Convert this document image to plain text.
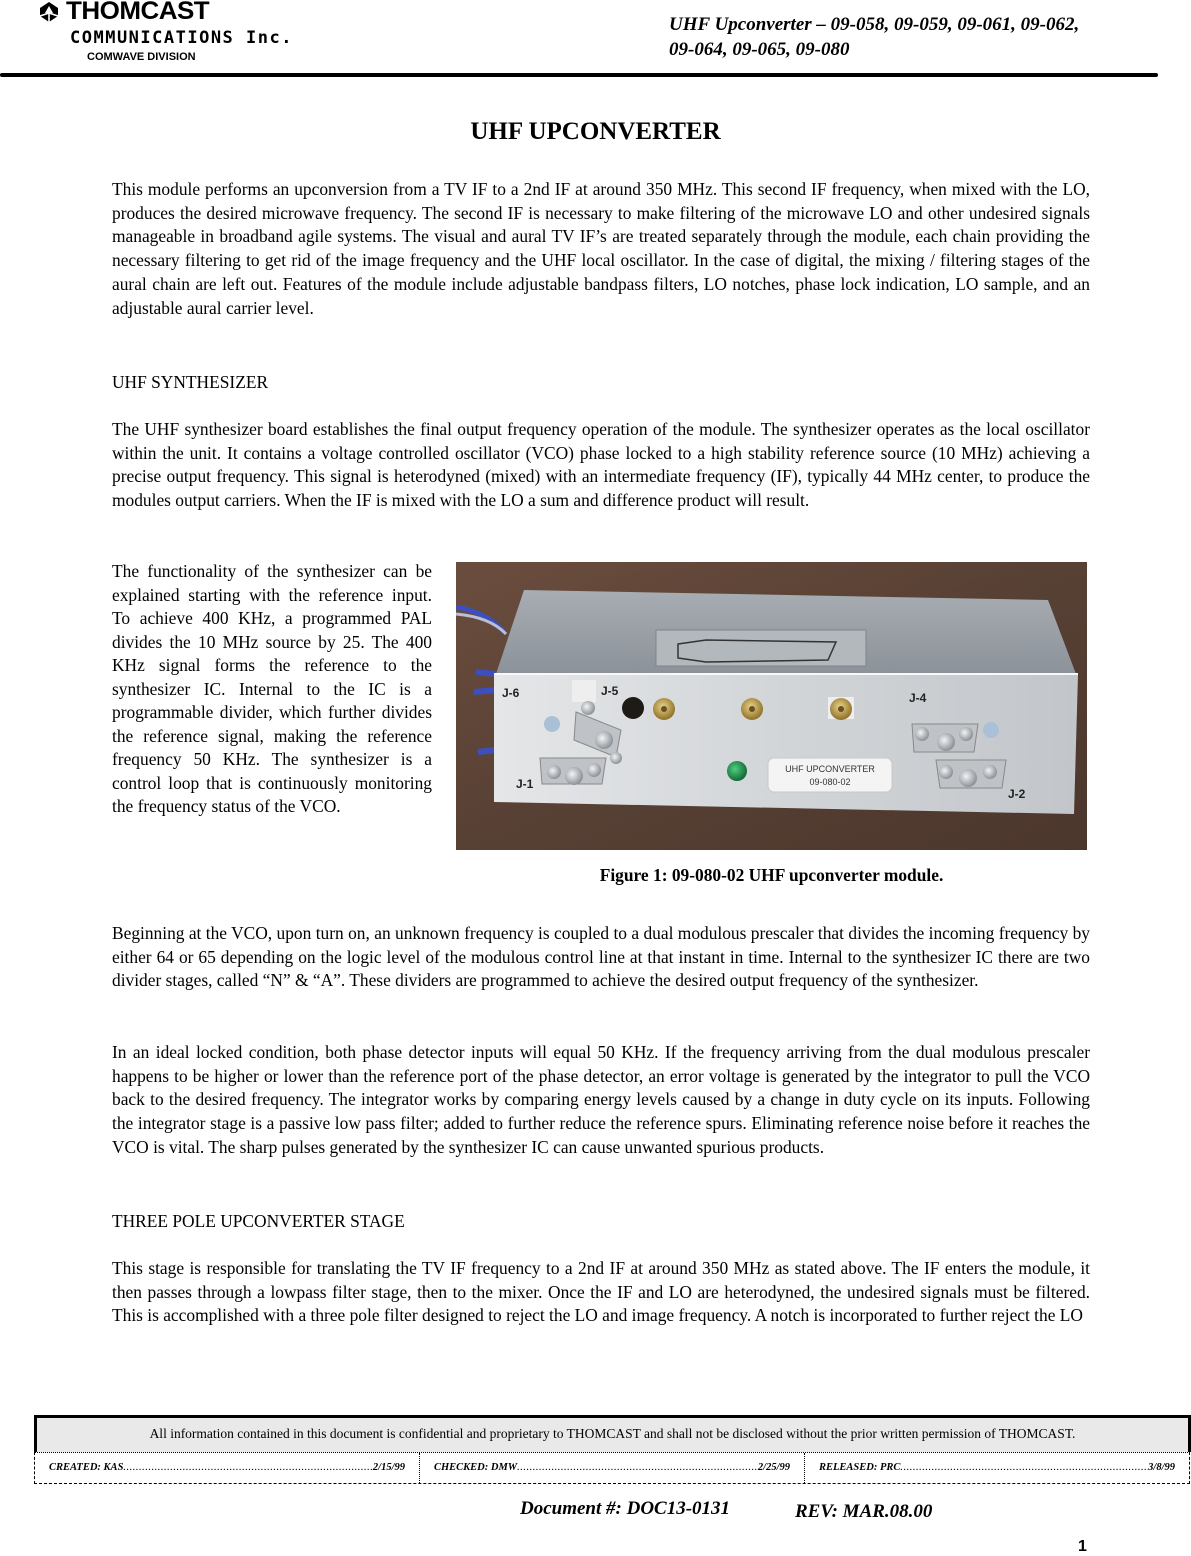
THOMCAST
COMMUNICATIONS Inc.
COMWAVE DIVISION
UHF Upconverter – 09-058, 09-059, 09-061, 09-062,
09-064, 09-065, 09-080
UHF UPCONVERTER
This module performs an upconversion from a TV IF to a 2nd IF at around 350 MHz. This second IF frequency, when mixed with the LO, produces the desired microwave frequency. The second IF is necessary to make filtering of the microwave LO and other undesired signals manageable in broadband agile systems. The visual and aural TV IF’s are treated separately through the module, each chain providing the necessary filtering to get rid of the image frequency and the UHF local oscillator. In the case of digital, the mixing / filtering stages of the aural chain are left out. Features of the module include adjustable bandpass filters, LO notches, phase lock indication, LO sample, and an adjustable aural carrier level.
UHF SYNTHESIZER
The UHF synthesizer board establishes the final output frequency operation of the module. The synthesizer operates as the local oscillator within the unit. It contains a voltage controlled oscillator (VCO) phase locked to a high stability reference source (10 MHz) achieving a precise output frequency. This signal is heterodyned (mixed) with an intermediate frequency (IF), typically 44 MHz center, to produce the modules output carriers. When the IF is mixed with the LO a sum and difference product will result.
The functionality of the synthesizer can be explained starting with the reference input. To achieve 400 KHz, a programmed PAL divides the 10 MHz source by 25. The 400 KHz signal forms the reference to the synthesizer IC. Internal to the IC is a programmable divider, which further divides the reference signal, making the reference frequency 50 KHz. The synthesizer is a control loop that is continuously monitoring the frequency status of the VCO.
J-6	J-5	J-4
J-1
J-2
UHF UPCONVERTER
09-080-02
Figure 1: 09-080-02 UHF upconverter module.
Beginning at the VCO, upon turn on, an unknown frequency is coupled to a dual modulous prescaler that divides the incoming frequency by either 64 or 65 depending on the logic level of the modulous control line at that instant in time. Internal to the synthesizer IC there are two divider stages, called “N” & “A”. These dividers are programmed to achieve the desired output frequency of the synthesizer.
In an ideal locked condition, both phase detector inputs will equal 50 KHz. If the frequency arriving from the dual modulous prescaler happens to be higher or lower than the reference port of the phase detector, an error voltage is generated by the integrator to pull the VCO back to the desired frequency. The integrator works by comparing energy levels caused by a change in duty cycle on its inputs. Following the integrator stage is a passive low pass filter; added to further reduce the reference spurs. Eliminating reference noise before it reaches the VCO is vital. The sharp pulses generated by the synthesizer IC can cause unwanted spurious products.
THREE POLE UPCONVERTER STAGE
This stage is responsible for translating the TV IF frequency to a 2nd IF at around 350 MHz as stated above. The IF enters the module, it then passes through a lowpass filter stage, then to the mixer. Once the IF and LO are heterodyned, the undesired signals must be filtered. This is accomplished with a three pole filter designed to reject the LO and image frequency. A notch is incorporated to further reject the LO
All information contained in this document is confidential and proprietary to THOMCAST and shall not be disclosed without the prior written permission of THOMCAST.
CREATED: KAS .....	2/15/99	CHECKED: DMW .....	2/25/99	RELEASED: PRC .....	3/8/99
Document #: DOC13-0131	REV: MAR.08.00
1
